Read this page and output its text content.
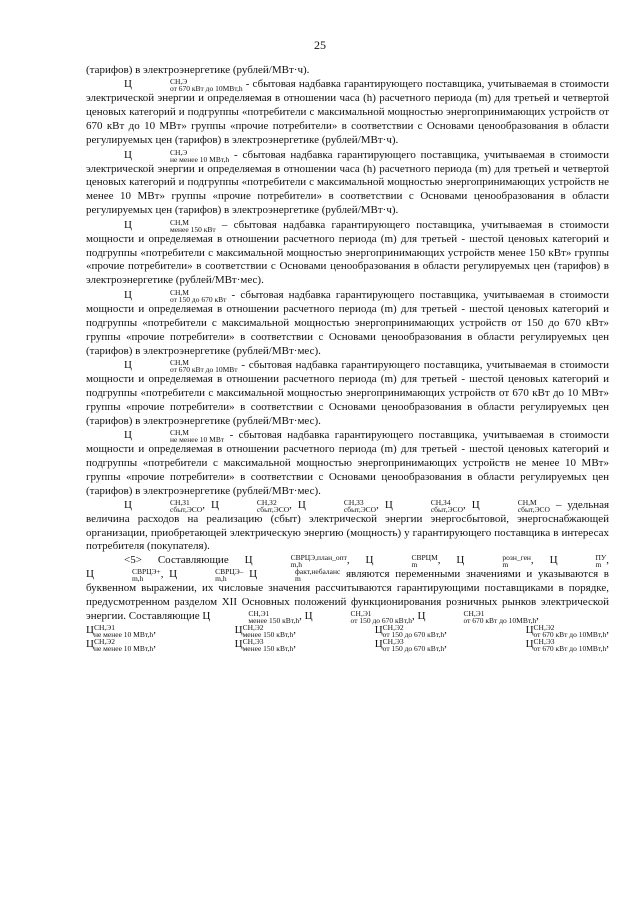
25

(тарифов) в электроэнергетике (рублей/МВт·ч).

Ц	СН,Э
от 670 кВт до 10МВт,h - сбытовая надбавка гарантирующего поставщика, учитываемая в стоимости электрической энергии и определяемая в отношении часа (h) расчетного периода (m) для третьей и четвертой ценовых категорий и подгруппы «потребители с максимальной мощностью энергопринимающих устройств от 670 кВт до 10 МВт» группы «прочие потребители» в соответствии с Основами ценообразования в области регулируемых цен (тарифов) в электроэнергетике (рублей/МВт·ч).

Ц	СН,Э
не менее 10 МВт,h - сбытовая надбавка гарантирующего поставщика, учитываемая в стоимости электрической энергии и определяемая в отношении часа (h) расчетного периода (m) для третьей и четвертой ценовых категорий и подгруппы «потребители с максимальной мощностью энергопринимающих устройств не менее 10 МВт» группы «прочие потребители» в соответствии с Основами ценообразования в области регулируемых цен (тарифов) в электроэнергетике (рублей/МВт·ч).

Ц	СН,М
менее 150 кВт – сбытовая надбавка гарантирующего поставщика, учитываемая в стоимости мощности и определяемая в отношении расчетного периода (m) для третьей - шестой ценовых категорий и подгруппы «потребители с максимальной мощностью энергопринимающих устройств менее 150 кВт» группы «прочие потребители» в соответствии с Основами ценообразования в области регулируемых цен (тарифов) в электроэнергетике (рублей/МВт·мес).

Ц	СН,М
от 150 до 670 кВт - сбытовая надбавка гарантирующего поставщика, учитываемая в стоимости мощности и определяемая в отношении расчетного периода (m) для третьей - шестой ценовых категорий и подгруппы «потребители с максимальной мощностью энергопринимающих устройств от 150 до 670 кВт» группы «прочие потребители» в соответствии с Основами ценообразования в области регулируемых цен (тарифов) в электроэнергетике (рублей/МВт·мес).

Ц	СН,М
от 670 кВт до 10МВт - сбытовая надбавка гарантирующего поставщика, учитываемая в стоимости мощности и определяемая в отношении расчетного периода (m) для третьей - шестой ценовых категорий и подгруппы «потребители с максимальной мощностью энергопринимающих устройств от 670 кВт до 10 МВт» группы «прочие потребители» в соответствии с Основами ценообразования в области регулируемых цен (тарифов) в электроэнергетике (рублей/МВт·мес).

Ц	СН,М
не менее 10 МВт - сбытовая надбавка гарантирующего поставщика, учитываемая в стоимости мощности и определяемая в отношении расчетного периода (m) для третьей - шестой ценовых категорий и подгруппы «потребители с максимальной мощностью энергопринимающих устройств не менее 10 МВт» группы «прочие потребители» в соответствии с Основами ценообразования в области регулируемых цен (тарифов) в электроэнергетике (рублей/МВт·мес).

Ц	СН,З1
сбыт,ЭСО , Ц	СН,З2
сбыт,ЭСО , Ц	СН,З3
сбыт,ЭСО , Ц	СН,З4
сбыт,ЭСО , Ц	СН,М
сбыт,ЭСО – удельная величина расходов на реализацию (сбыт) электрической энергии энергосбытовой, энергоснабжающей организации, приобретающей электрическую энергию (мощность) у гарантирующего поставщика в интересах потребителя (покупателя).

<5> Составляющие Ц	СВРЦЭ,план_опт
m,h	, Ц	СВРЦМ
m	, Ц	розн_ген
m	, Ц	ПУ
m , Ц	СВРЦЭ+
m,h	, Ц	СВРЦЭ–
m,h	Ц	факт,небаланс
m	являются переменными значениями и указываются в буквенном выражении, их числовые значения рассчитываются гарантирующими поставщиками в порядке, предусмотренном разделом XII Основных положений функционирования розничных рынков электрической энергии. Составляющие Ц	СН,Э1
менее 150 кВт,h , Ц	СН,Э1
от 150 до 670 кВт,h , Ц	СН,Э1
от 670 кВт до 10МВт,h ,

Ц СН,Э1
не менее 10 МВт,h ,	Ц СН,Э2
менее 150 кВт,h ,	Ц СН,Э2
от 150 до 670 кВт,h ,	Ц СН,Э2
от 670 кВт до 10МВт,h ,
Ц СН,Э2
не менее 10 МВт,h ,	Ц СН,Э3
менее 150 кВт,h ,	Ц СН,Э3
от 150 до 670 кВт,h ,	Ц СН,Э3
от 670 кВт до 10МВт,h ,
